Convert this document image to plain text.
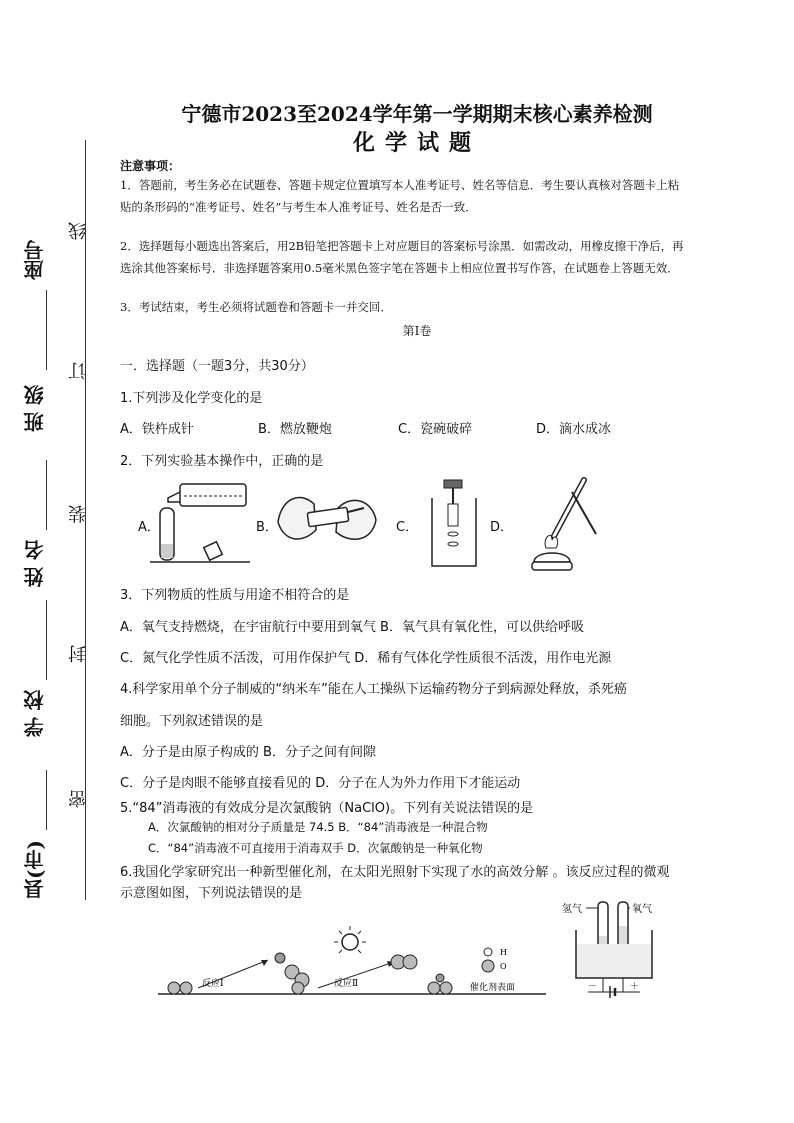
县(市)
学 校
姓 名
班 级
座号
密
封
装
订
线
宁德市2023至2024学年第一学期期末核心素养检测
化学试题
注意事项：
1．答题前，考生务必在试题卷、答题卡规定位置填写本人准考证号、姓名等信息．考生要认真核对答题卡上粘贴的条形码的“准考证号、姓名”与考生本人准考证号、姓名是否一致．
2．选择题每小题选出答案后，用2B铅笔把答题卡上对应题目的答案标号涂黑．如需改动，用橡皮擦干净后，再选涂其他答案标号．非选择题答案用0.5毫米黑色签字笔在答题卡上相应位置书写作答，在试题卷上答题无效．
3．考试结束，考生必须将试题卷和答题卡一并交回．
第Ⅰ卷
一．选择题（一题3分，共30分）
1.下列涉及化学变化的是
A．铁杵成针	B．燃放鞭炮	C．瓷碗破碎	D．滴水成冰
2．下列实验基本操作中，正确的是
A．	B．	C．	D．
3．下列物质的性质与用途不相符合的是
A．氧气支持燃烧，在宇宙航行中要用到氧气 B．氧气具有氧化性，可以供给呼吸
C．氮气化学性质不活泼，可用作保护气 D．稀有气体化学性质很不活泼，用作电光源
4.科学家用单个分子制威的“纳米车”能在人工操纵下运输药物分子到病源处释放，杀死癌
细胞。下列叙述错误的是
A．分子是由原子构成的 B．分子之间有间隙
C．分子是肉眼不能够直接看见的 D．分子在人为外力作用下才能运动
5.“84”消毒液的有效成分是次氯酸钠（NaClO)。下列有关说法错误的是
A．次氯酸钠的相对分子质量是 74.5 B．“84”消毒液是一种混合物
C．“84”消毒液不可直接用于消毒双手 D．次氯酸钠是一种氧化物
6.我国化学家研究出一种新型催化剂，在太阳光照射下实现了水的高效分解 。该反应过程的微观
示意图如图，下列说法错误的是
反应Ⅰ	反应Ⅱ
H
O
催化剂表面
氢气	氧气
－	＋
